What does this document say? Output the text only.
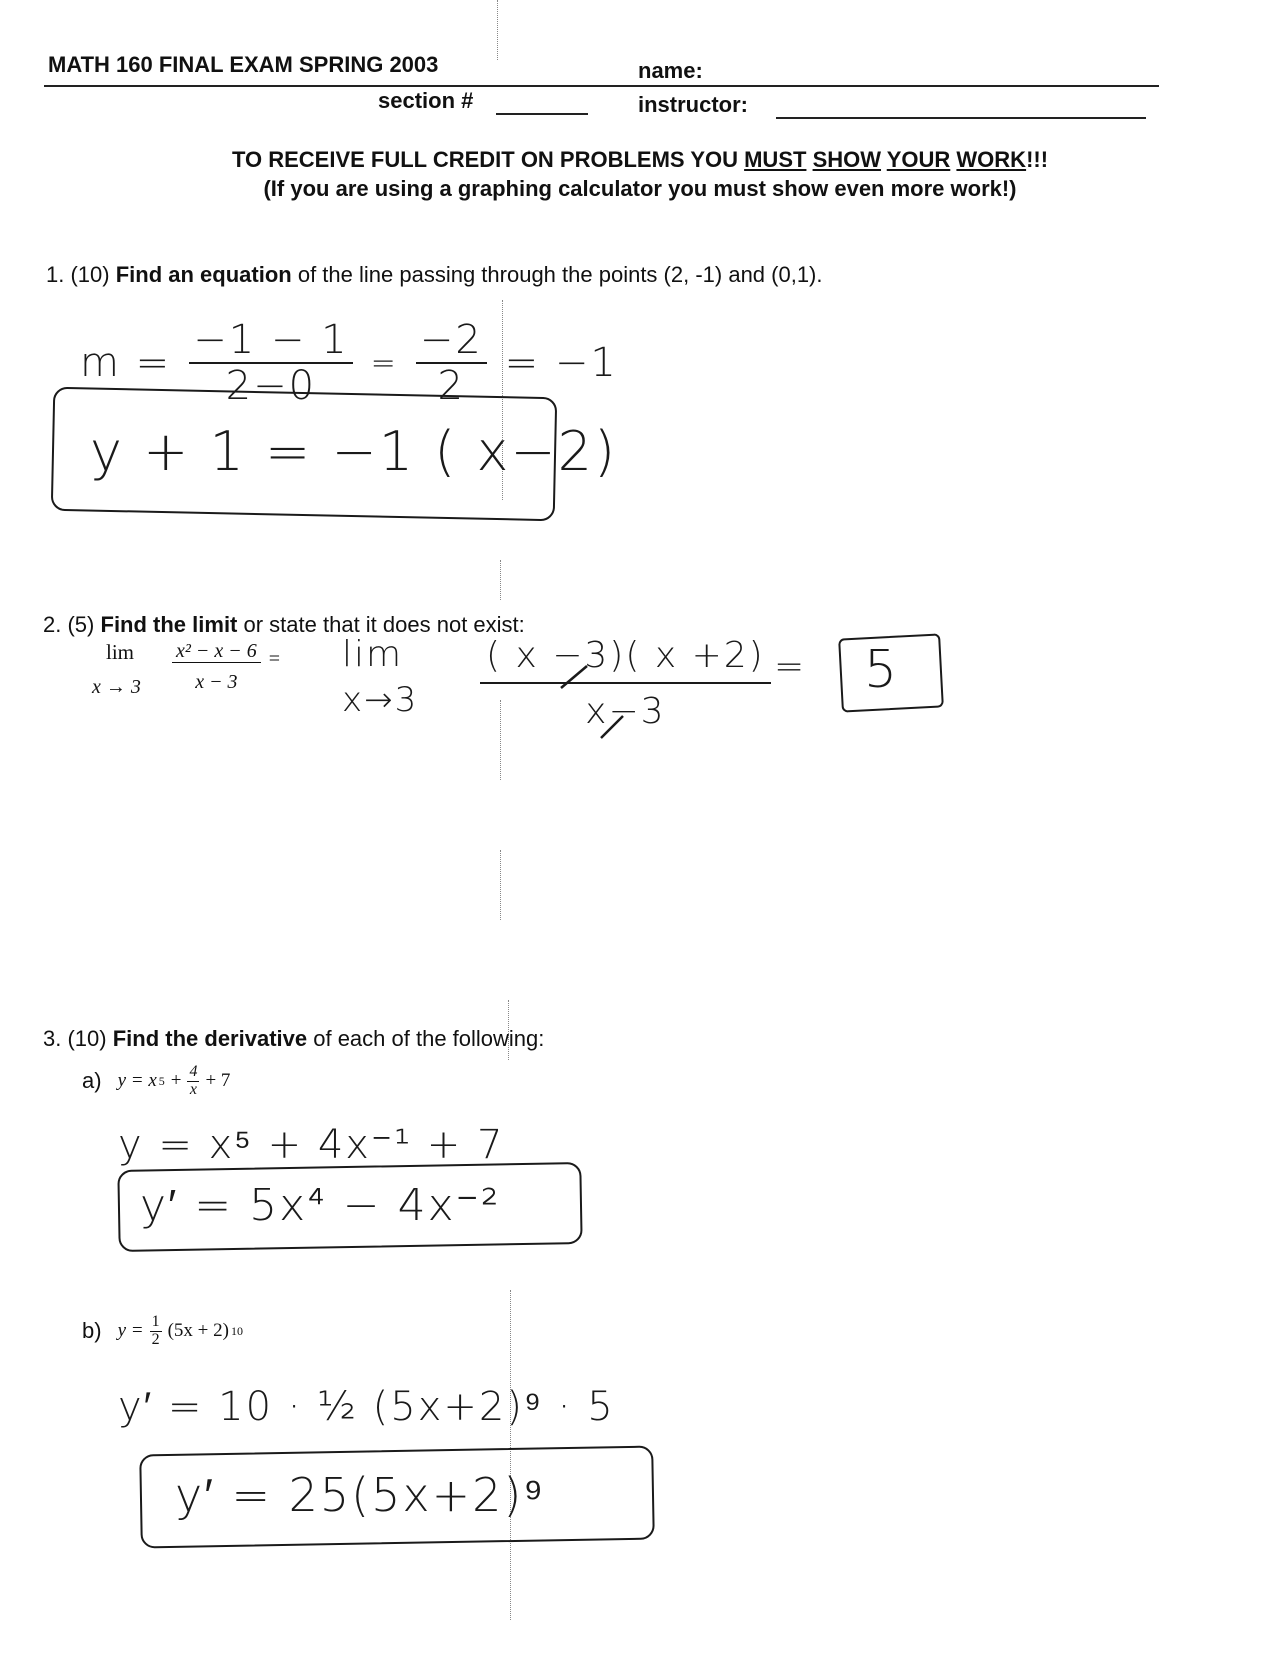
MATH 160 FINAL EXAM SPRING 2003	name:
section #	instructor:
TO RECEIVE FULL CREDIT ON PROBLEMS YOU MUST SHOW YOUR WORK!!!
(If you are using a graphing calculator you must show even more work!)
1. (10) Find an equation of the line passing through the points (2, -1) and (0,1).
$m = \frac{-1 - 1}{2-0} = \frac{-2}{2} = -1$
y + 1 = −1 ( x−2)
2. (5) Find the limit or state that it does not exist:
lim
$x \to 3 \frac{\text{x² − x − 6}}{x - 3} = \lim$
$x\to 3 \frac{( x -3)( x +2)}{x-3} = 5$
3. (10) Find the derivative of each of the following:
a) y = x $5 + \frac{4}{x} + 7$
y = x⁵ + 4x⁻¹ + 7
y′ = 5x⁴ − 4x⁻²
b) $y = \frac{1}{2} (5x + 2)$ 10
y′ = 10 · ½ (5x+2)⁹ · 5
y′ = 25(5x+2)⁹
